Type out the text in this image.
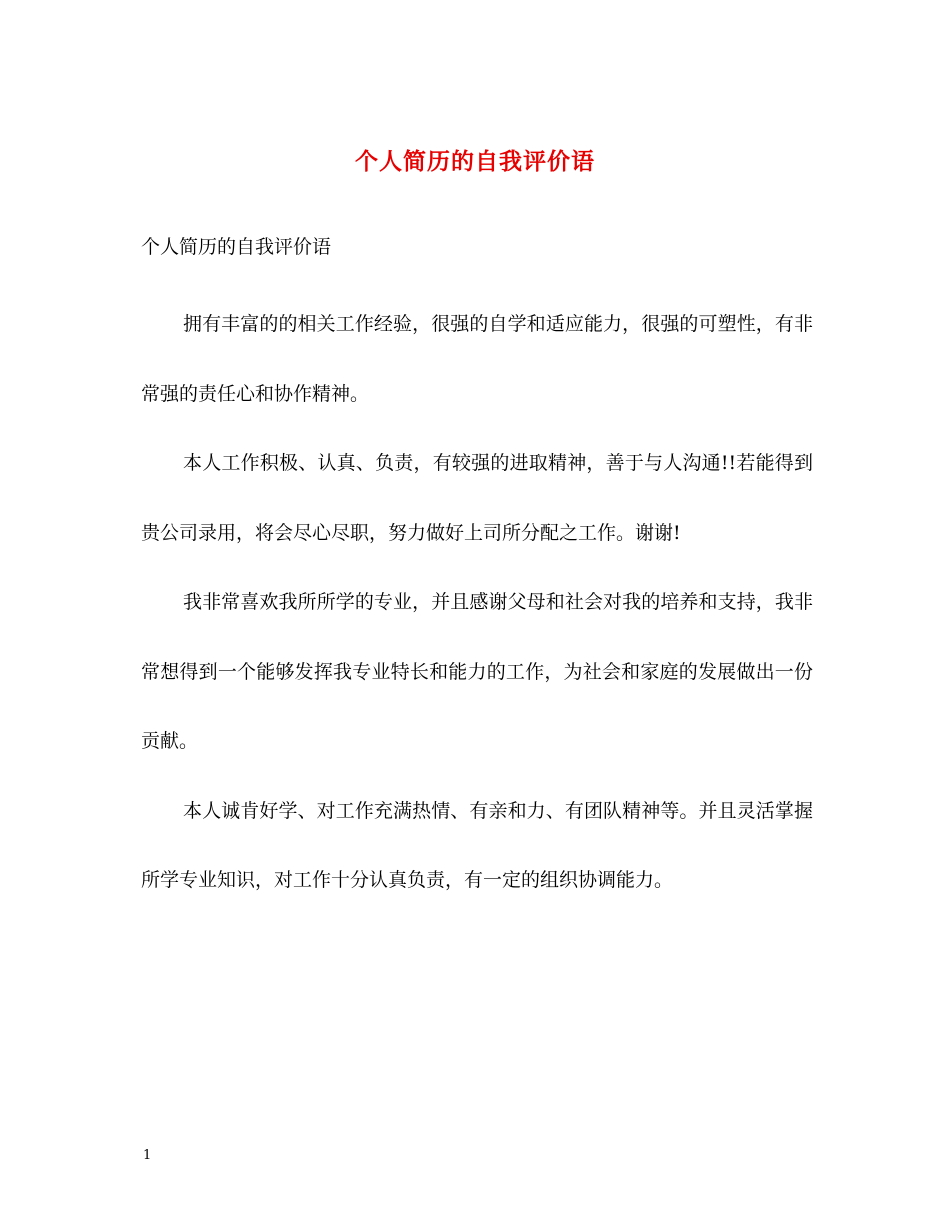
个人简历的自我评价语
个人简历的自我评价语

拥有丰富的的相关工作经验，很强的自学和适应能力，很强的可塑性，有非常强的责任心和协作精神。

本人工作积极、认真、负责，有较强的进取精神，善于与人沟通!!若能得到贵公司录用，将会尽心尽职，努力做好上司所分配之工作。谢谢!

我非常喜欢我所所学的专业，并且感谢父母和社会对我的培养和支持，我非常想得到一个能够发挥我专业特长和能力的工作，为社会和家庭的发展做出一份贡献。

本人诚肯好学、对工作充满热情、有亲和力、有团队精神等。并且灵活掌握所学专业知识，对工作十分认真负责，有一定的组织协调能力。

1
